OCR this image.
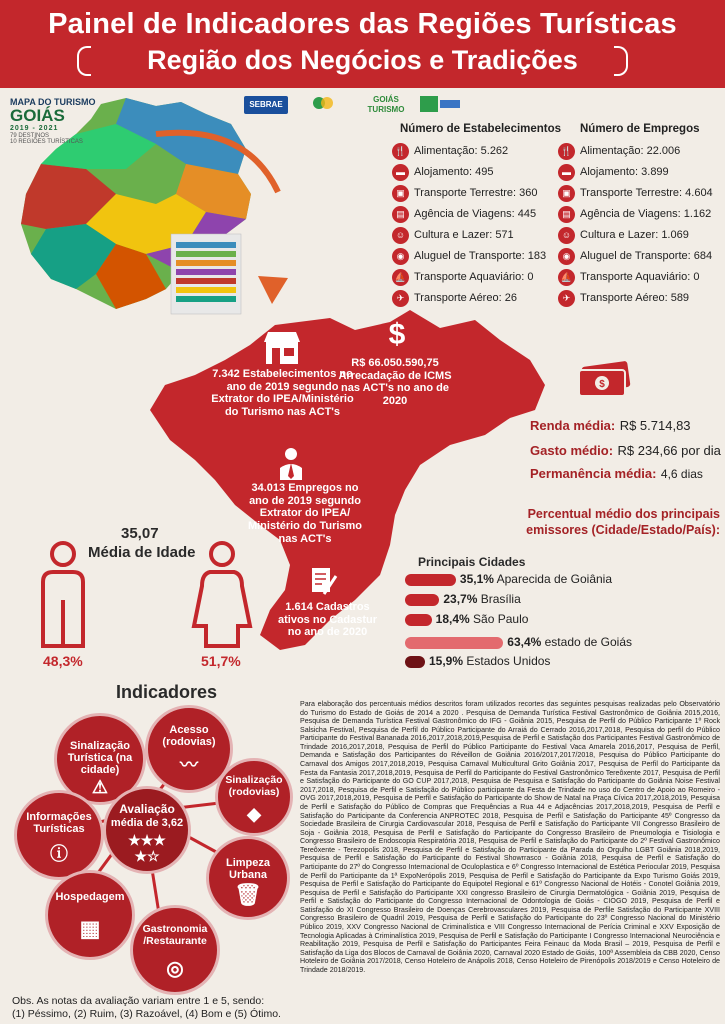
Painel de Indicadores das Regiões Turísticas
Região dos Negócios e Tradições
MAPA DO TURISMO
GOIÁS
2019 - 2021
79 DESTINOS
10 REGIÕES TURÍSTICAS
SEBRAE
GOIÁS TURISMO
Número de Estabelecimentos
🍴 Alimentação: 5.262
▬ Alojamento: 495
▣ Transporte Terrestre: 360
▤ Agência de Viagens: 445
☺ Cultura e Lazer: 571
◉ Aluguel de Transporte: 183
⛵ Transporte Aquaviário: 0
✈ Transporte Aéreo: 26
Número de Empregos
🍴 Alimentação: 22.006
▬ Alojamento: 3.899
▣ Transporte Terrestre: 4.604
▤ Agência de Viagens: 1.162
☺ Cultura e Lazer: 1.069
◉ Aluguel de Transporte: 684
⛵ Transporte Aquaviário: 0
✈ Transporte Aéreo: 589
7.342 Estabelecimentos no ano de 2019 segundo Extrator do IPEA/Ministério do Turismo nas ACT's
$
R$ 66.050.590,75 Arrecadação de ICMS nas ACT's no ano de 2020
34.013 Empregos no ano de 2019 segundo Extrator do IPEA/ Ministério do Turismo nas ACT's
1.614 Cadastros ativos no Cadastur no ano de 2020
$
Renda média: R$ 5.714,83
Gasto médio: R$ 234,66 por dia
Permanência média: 4,6 dias
Percentual médio dos principais
emissores (Cidade/Estado/País):
Principais Cidades
35,1% Aparecida de Goiânia
23,7% Brasília
18,4% São Paulo
63,4% estado de Goiás
15,9% Estados Unidos
35,07
Média de Idade
48,3%	51,7%
Para elaboração dos percentuais médios descritos foram utilizados recortes das seguintes pesquisas realizadas pelo Observatório do Turismo do Estado de Goiás de 2014 a 2020 . Pesquisa de Demanda Turística Festival Gastronômico de Goiânia 2015,2016, Pesquisa de Demanda Turística Festival Gastronômico do IFG - Goiânia 2015, Pesquisa de Perfil do Público Participante 1º Rock Salsicha Festival, Pesquisa de Perfil do Público Participante do Arraiá do Cerrado 2016,2017,2018, Pesquisa do perfil do Público Participante do Festival Bananada 2016,2017,2018,2019,Pesquisa de Perfil e Satisfação dos Participantes Festival Gastronômico de Trindade 2016,2017,2018, Pesquisa de Perfil do Público Participante do Festival Vaca Amarela 2016,2017, Pesquisa de Perfil, Demanda e Satisfação dos Participantes do Réveillon de Goiânia 2016/2017,2017/2018, Pesquisa do Público Participante do Carnaval dos Amigos 2017,2018,2019, Pesquisa Carnaval Multicultural Grito Goiânia 2017, Pesquisa de Perfil do Participante da Festa da Fantasia 2017,2018,2019, Pesquisa de Perfil do Participante do Festival Gastronômico Tereôxente 2017, Pesquisa de Perfil e Satisfação do Participante do GO CUP 2017,2018, Pesquisa de Pesquisa e Satisfação do Participante do Goiânia Noise Festival 2017,2018, Pesquisa de Perfil e Satisfação do Público participante da Festa de Trindade no uso do Centro de Apoio ao Romeiro - OVG 2017,2018,2019, Pesquisa de Perfil e Satisfação do Participante do Show de Natal na Praça Cívica 2017,2018,2019, Pesquisa de Perfil e Satisfação do Público de Compras que Frequências a Rua 44 e Adjacências 2017,2018,2019, Pesquisa de Perfil e Satisfação do Participante da Conferencia ANPROTEC 2018, Pesquisa de Perfil e Satisfação do Participante 45º Congresso da Sociedade Brasileira de Cirurgia Cardiovascular 2018, Pesquisa de Perfil e Satisfação do Participante VII Congresso Brasileiro de Soja - Goiânia 2018, Pesquisa de Perfil e Satisfação do Participante do Congresso Brasileiro de Pneumologia e Tisiologia e Congresso Brasileiro de Endoscopia Respiratória 2018, Pesquisa de Perfil e Satisfação do Participante do 2º Festival Gastronômico Tereôxente - Terezopolis 2018, Pesquisa de Perfil e Satisfação do Participante da Parada do Orgulho LGBT Goiânia 2018,2019, Pesquisa de Perfil e Satisfação do Participante do Festival Showrrasco - Goiânia 2018, Pesquisa de Perfil e Satisfação do Participante do 27º do Congresso Internacional de Oculoplastica e 6º Congresso Internacional de Estética Periocular 2019, Pesquisa de Perfil do Participante da 1ª ExpoNerópolis 2019, Pesquisa de Perfil e Satisfação do Participante da Expo Turismo Goiás 2019, Pesquisa de Perfil e Satisfação do Participante do Equipotel Regional e 61º Congresso Nacional de Hotéis - Conotel Goiânia 2019, Pesquisa de Perfil e Satisfação do Participante XXI congresso Brasileiro de Cirurgia Dermatológica - Goiânia 2019, Pesquisa de Perfil e Satisfação do Participante do Congresso Internacional de Odontologia de Goiás - CIOGO 2019, Pesquisa de Perfil e Satisfação do XI Congresso Brasileiro de Doenças Cerebrovasculares 2019, Pesquisa de Perfile Satisfação do Participante XVIII Congresso Brasileiro de Quadril 2019, Pesquisa de Perfil e Satisfação do Participante do 23º Congresso Nacional do Ministério Público 2019, XXV Congresso Nacional de Criminalística e VIII Congresso Internacional de Perícia Criminal e XXV Exposição de Tecnologia Aplicadas à Criminalística 2019, Pesquisa de Perfil e Satisfação do Participante I Congresso Internacional Neurociência e Reabilitação 2019, Pesquisa de Perfil e Satisfação do Participantes Feira Feinauc da Moda Brasil – 2019, Pesquisa de Perfil e Satisfação da Liga dos Blocos de Carnaval de Goiânia 2020, Carnaval 2020 Estado de Goiás, 100ª Assembleia da CBB 2020, Censo Hoteleiro de Goiânia 2017/2018, Censo Hoteleiro de Anápolis 2018, Censo Hoteleiro de Pirenópolis 2018/2019 e Censo Hoteleiro de Trindade 2018/2019.
Indicadores
Sinalização Turística (na cidade)
⚠
Acesso (rodovias)
〰
Sinalização (rodovias)
◆
Informações Turísticas
ⓘ
Avaliação
média de 3,62
★★★
★☆	Limpeza Urbana
🗑
Hospedagem
▦	Gastronomia /Restaurante
◎
Obs. As notas da avaliação variam entre 1 e 5, sendo:
(1) Péssimo, (2) Ruim, (3) Razoável, (4) Bom e (5) Ótimo.
